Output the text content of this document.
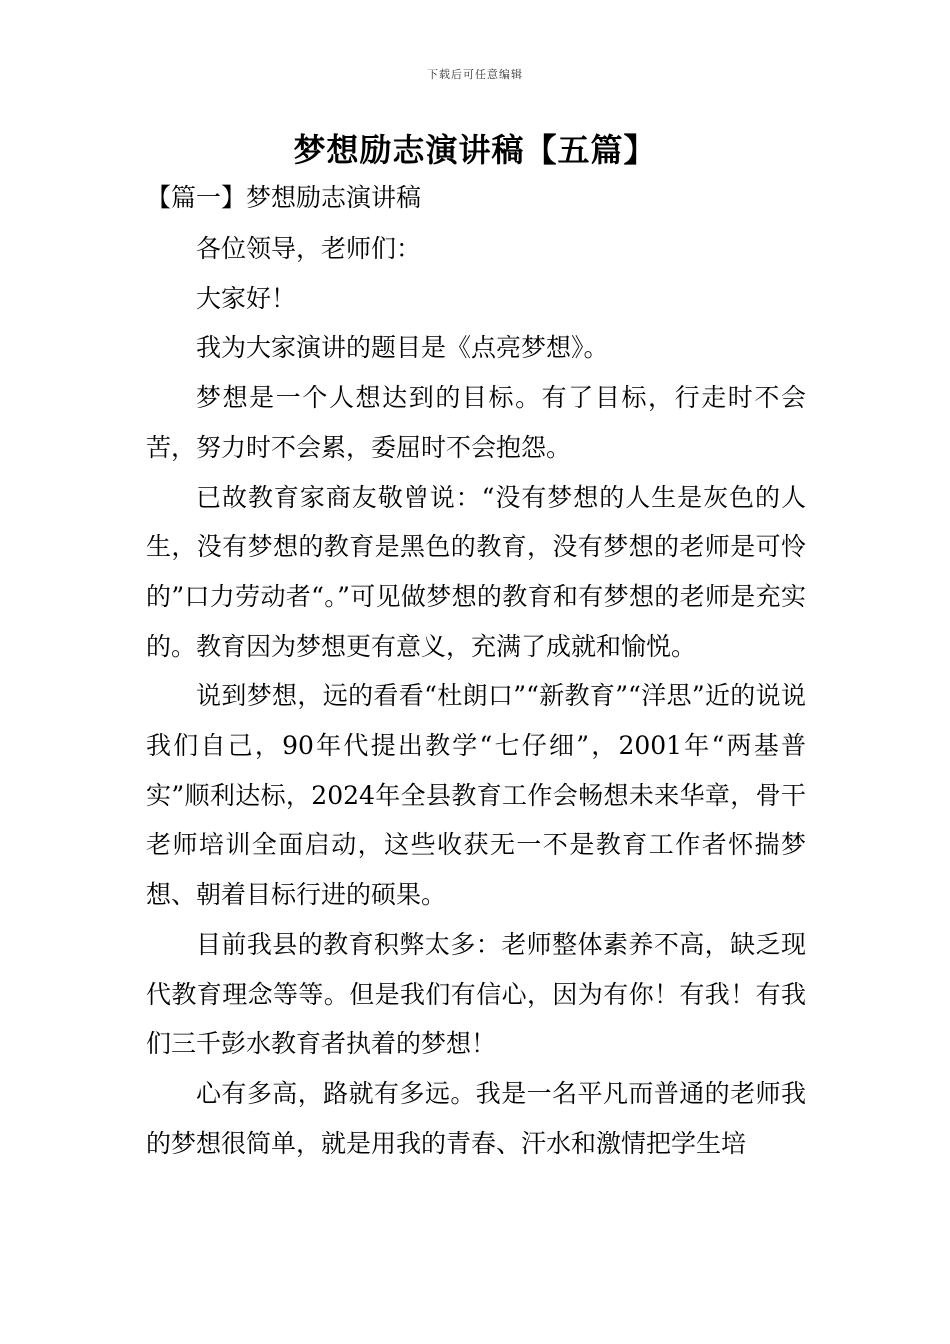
下载后可任意编辑
梦想励志演讲稿【五篇】
【篇一】梦想励志演讲稿

各位领导，老师们：

大家好！

我为大家演讲的题目是《点亮梦想》。

梦想是一个人想达到的目标。有了目标，行走时不会苦，努力时不会累，委屈时不会抱怨。

已故教育家商友敬曾说：“没有梦想的人生是灰色的人生，没有梦想的教育是黑色的教育，没有梦想的老师是可怜的”口力劳动者“。”可见做梦想的教育和有梦想的老师是充实的。教育因为梦想更有意义，充满了成就和愉悦。

说到梦想，远的看看“杜朗口”“新教育”“洋思”近的说说我们自己，90年代提出教学“七仔细”，2001年“两基普实”顺利达标，2024年全县教育工作会畅想未来华章，骨干老师培训全面启动，这些收获无一不是教育工作者怀揣梦想、朝着目标行进的硕果。

目前我县的教育积弊太多：老师整体素养不高，缺乏现代教育理念等等。但是我们有信心，因为有你！有我！有我们三千彭水教育者执着的梦想！

心有多高，路就有多远。我是一名平凡而普通的老师我的梦想很简单，就是用我的青春、汗水和激情把学生培
